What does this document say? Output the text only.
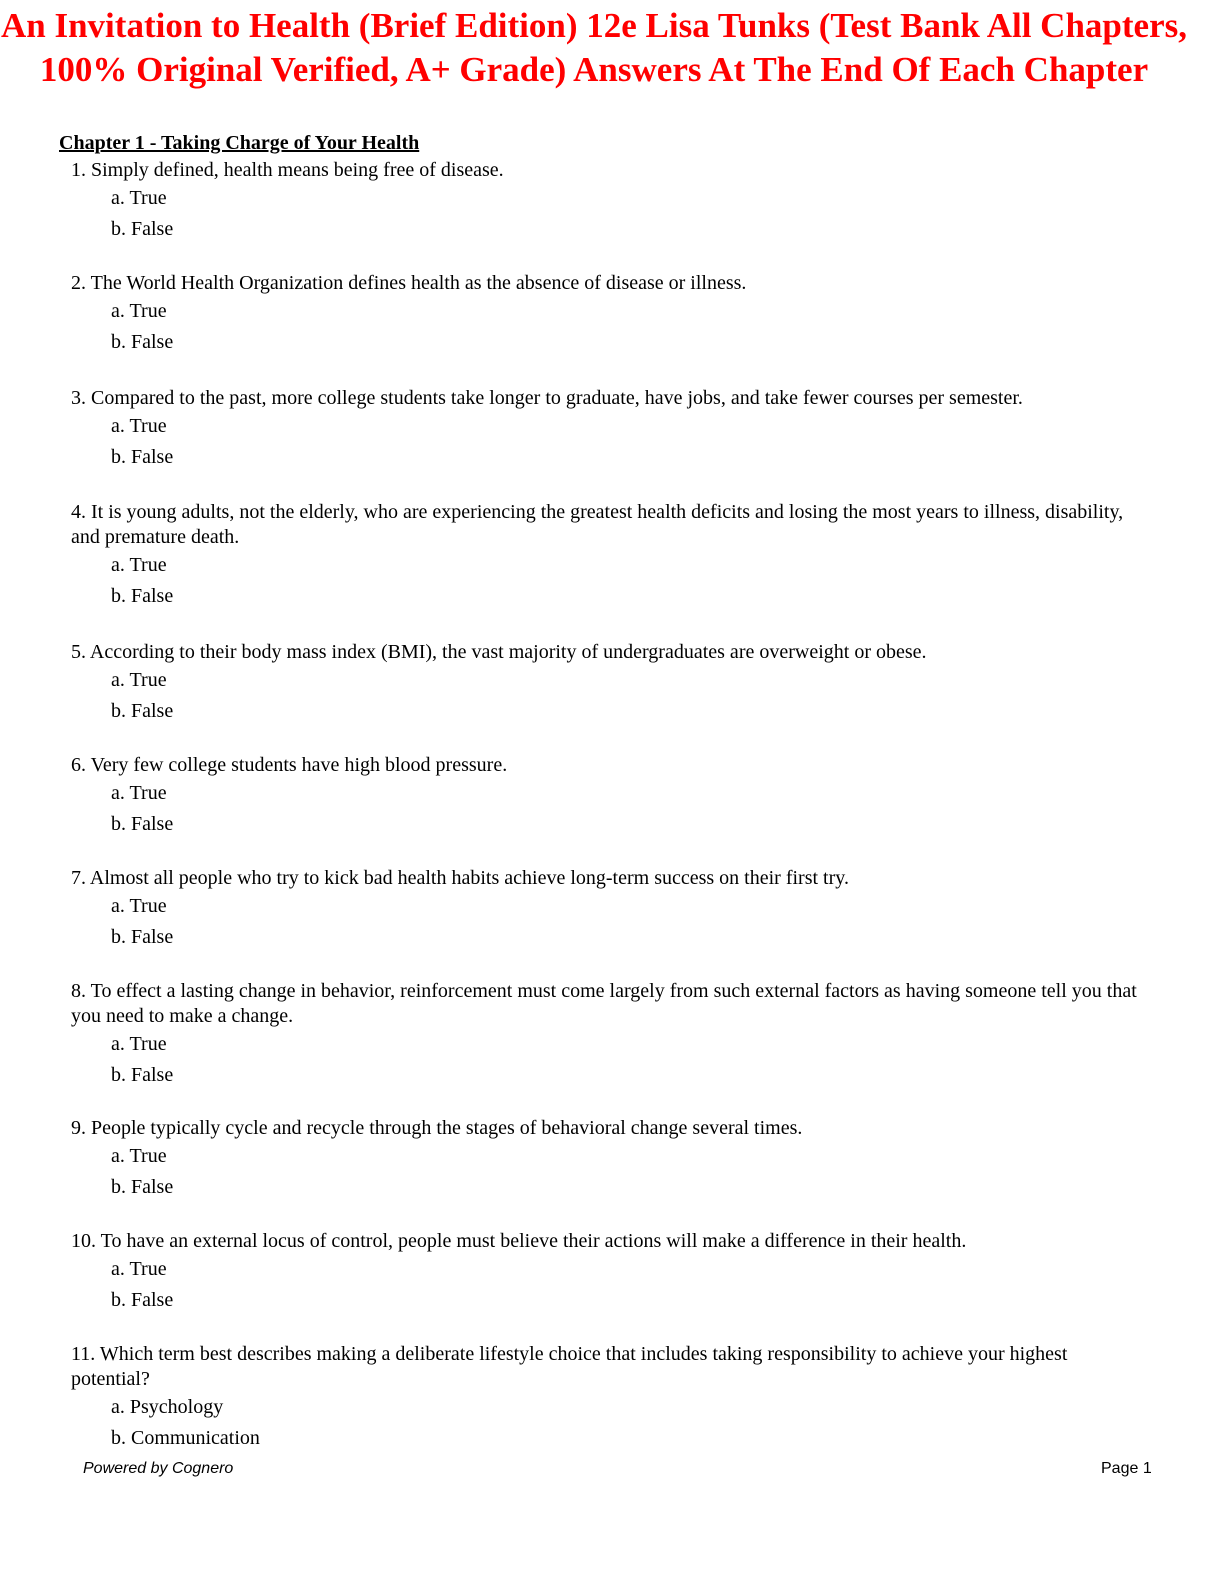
An Invitation to Health (Brief Edition) 12e Lisa Tunks (Test Bank All Chapters, 100% Original Verified, A+ Grade) Answers At The End Of Each Chapter
Chapter 1 - Taking Charge of Your Health

1. Simply defined, health means being free of disease.

a. True

b. False

2. The World Health Organization defines health as the absence of disease or illness.

a. True

b. False

3. Compared to the past, more college students take longer to graduate, have jobs, and take fewer courses per semester.

a. True

b. False

4. It is young adults, not the elderly, who are experiencing the greatest health deficits and losing the most years to illness, disability, and premature death.

a. True

b. False

5. According to their body mass index (BMI), the vast majority of undergraduates are overweight or obese.

a. True

b. False

6. Very few college students have high blood pressure.

a. True

b. False

7. Almost all people who try to kick bad health habits achieve long-term success on their first try.

a. True

b. False

8. To effect a lasting change in behavior, reinforcement must come largely from such external factors as having someone tell you that you need to make a change.

a. True

b. False

9. People typically cycle and recycle through the stages of behavioral change several times.

a. True

b. False

10. To have an external locus of control, people must believe their actions will make a difference in their health.

a. True

b. False

11. Which term best describes making a deliberate lifestyle choice that includes taking responsibility to achieve your highest potential?

a. Psychology

b. Communication

Powered by Cognero	Page 1
